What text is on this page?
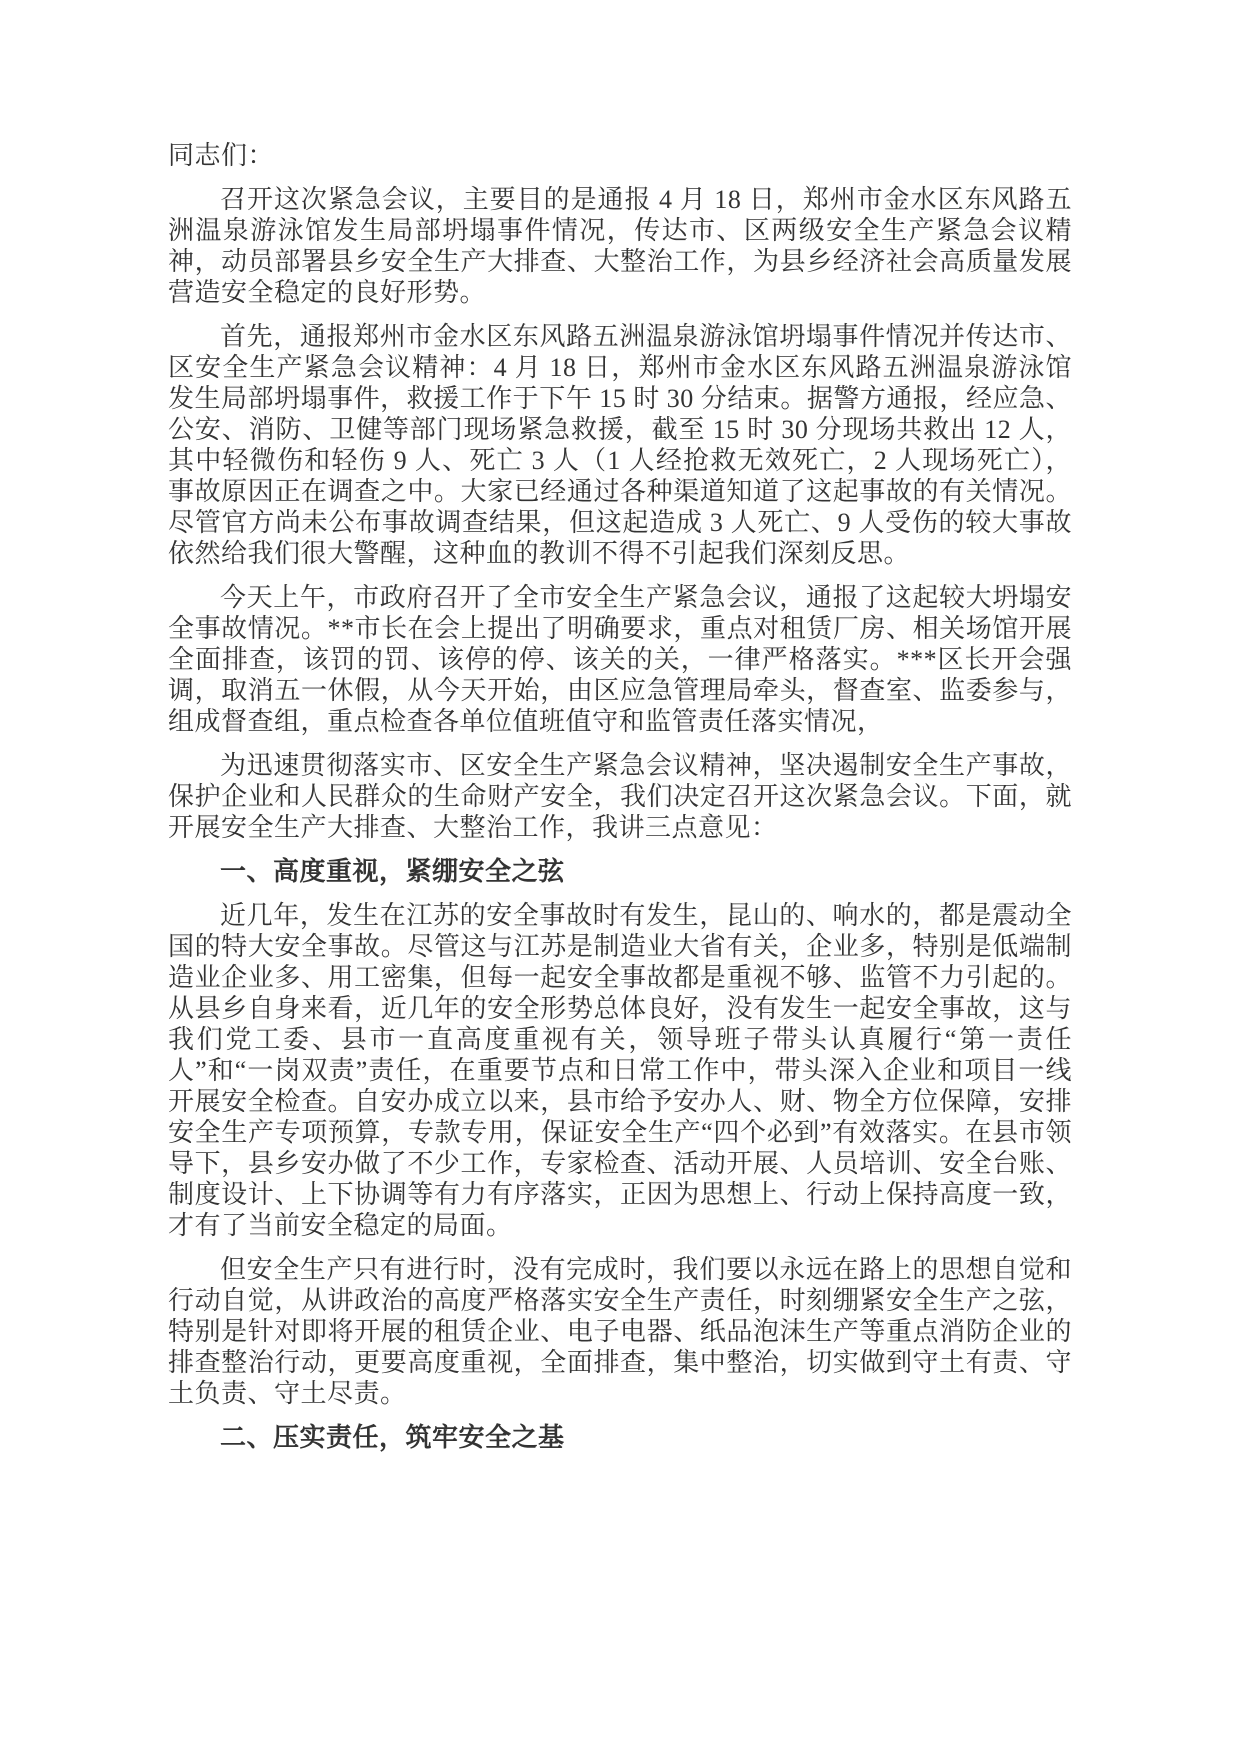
同志们：

召开这次紧急会议，主要目的是通报 4 月 18 日，郑州市金水区东风路五洲温泉游泳馆发生局部坍塌事件情况，传达市、区两级安全生产紧急会议精神，动员部署县乡安全生产大排查、大整治工作，为县乡经济社会高质量发展营造安全稳定的良好形势。

首先，通报郑州市金水区东风路五洲温泉游泳馆坍塌事件情况并传达市、区安全生产紧急会议精神：4 月 18 日，郑州市金水区东风路五洲温泉游泳馆发生局部坍塌事件，救援工作于下午 15 时 30 分结束。据警方通报，经应急、公安、消防、卫健等部门现场紧急救援，截至 15 时 30 分现场共救出 12 人，其中轻微伤和轻伤 9 人、死亡 3 人（1 人经抢救无效死亡，2 人现场死亡），事故原因正在调查之中。大家已经通过各种渠道知道了这起事故的有关情况。尽管官方尚未公布事故调查结果，但这起造成 3 人死亡、9 人受伤的较大事故依然给我们很大警醒，这种血的教训不得不引起我们深刻反思。

今天上午，市政府召开了全市安全生产紧急会议，通报了这起较大坍塌安全事故情况。**市长在会上提出了明确要求，重点对租赁厂房、相关场馆开展全面排查，该罚的罚、该停的停、该关的关，一律严格落实。***区长开会强调，取消五一休假，从今天开始，由区应急管理局牵头，督查室、监委参与，组成督查组，重点检查各单位值班值守和监管责任落实情况，

为迅速贯彻落实市、区安全生产紧急会议精神，坚决遏制安全生产事故，保护企业和人民群众的生命财产安全，我们决定召开这次紧急会议。下面，就开展安全生产大排查、大整治工作，我讲三点意见：

一、高度重视，紧绷安全之弦

近几年，发生在江苏的安全事故时有发生，昆山的、响水的，都是震动全国的特大安全事故。尽管这与江苏是制造业大省有关，企业多，特别是低端制造业企业多、用工密集，但每一起安全事故都是重视不够、监管不力引起的。从县乡自身来看，近几年的安全形势总体良好，没有发生一起安全事故，这与我们党工委、县市一直高度重视有关，领导班子带头认真履行“第一责任人”和“一岗双责”责任，在重要节点和日常工作中，带头深入企业和项目一线开展安全检查。自安办成立以来，县市给予安办人、财、物全方位保障，安排安全生产专项预算，专款专用，保证安全生产“四个必到”有效落实。在县市领导下，县乡安办做了不少工作，专家检查、活动开展、人员培训、安全台账、制度设计、上下协调等有力有序落实，正因为思想上、行动上保持高度一致，才有了当前安全稳定的局面。

但安全生产只有进行时，没有完成时，我们要以永远在路上的思想自觉和行动自觉，从讲政治的高度严格落实安全生产责任，时刻绷紧安全生产之弦，特别是针对即将开展的租赁企业、电子电器、纸品泡沫生产等重点消防企业的排查整治行动，更要高度重视，全面排查，集中整治，切实做到守土有责、守土负责、守土尽责。

二、压实责任，筑牢安全之基
